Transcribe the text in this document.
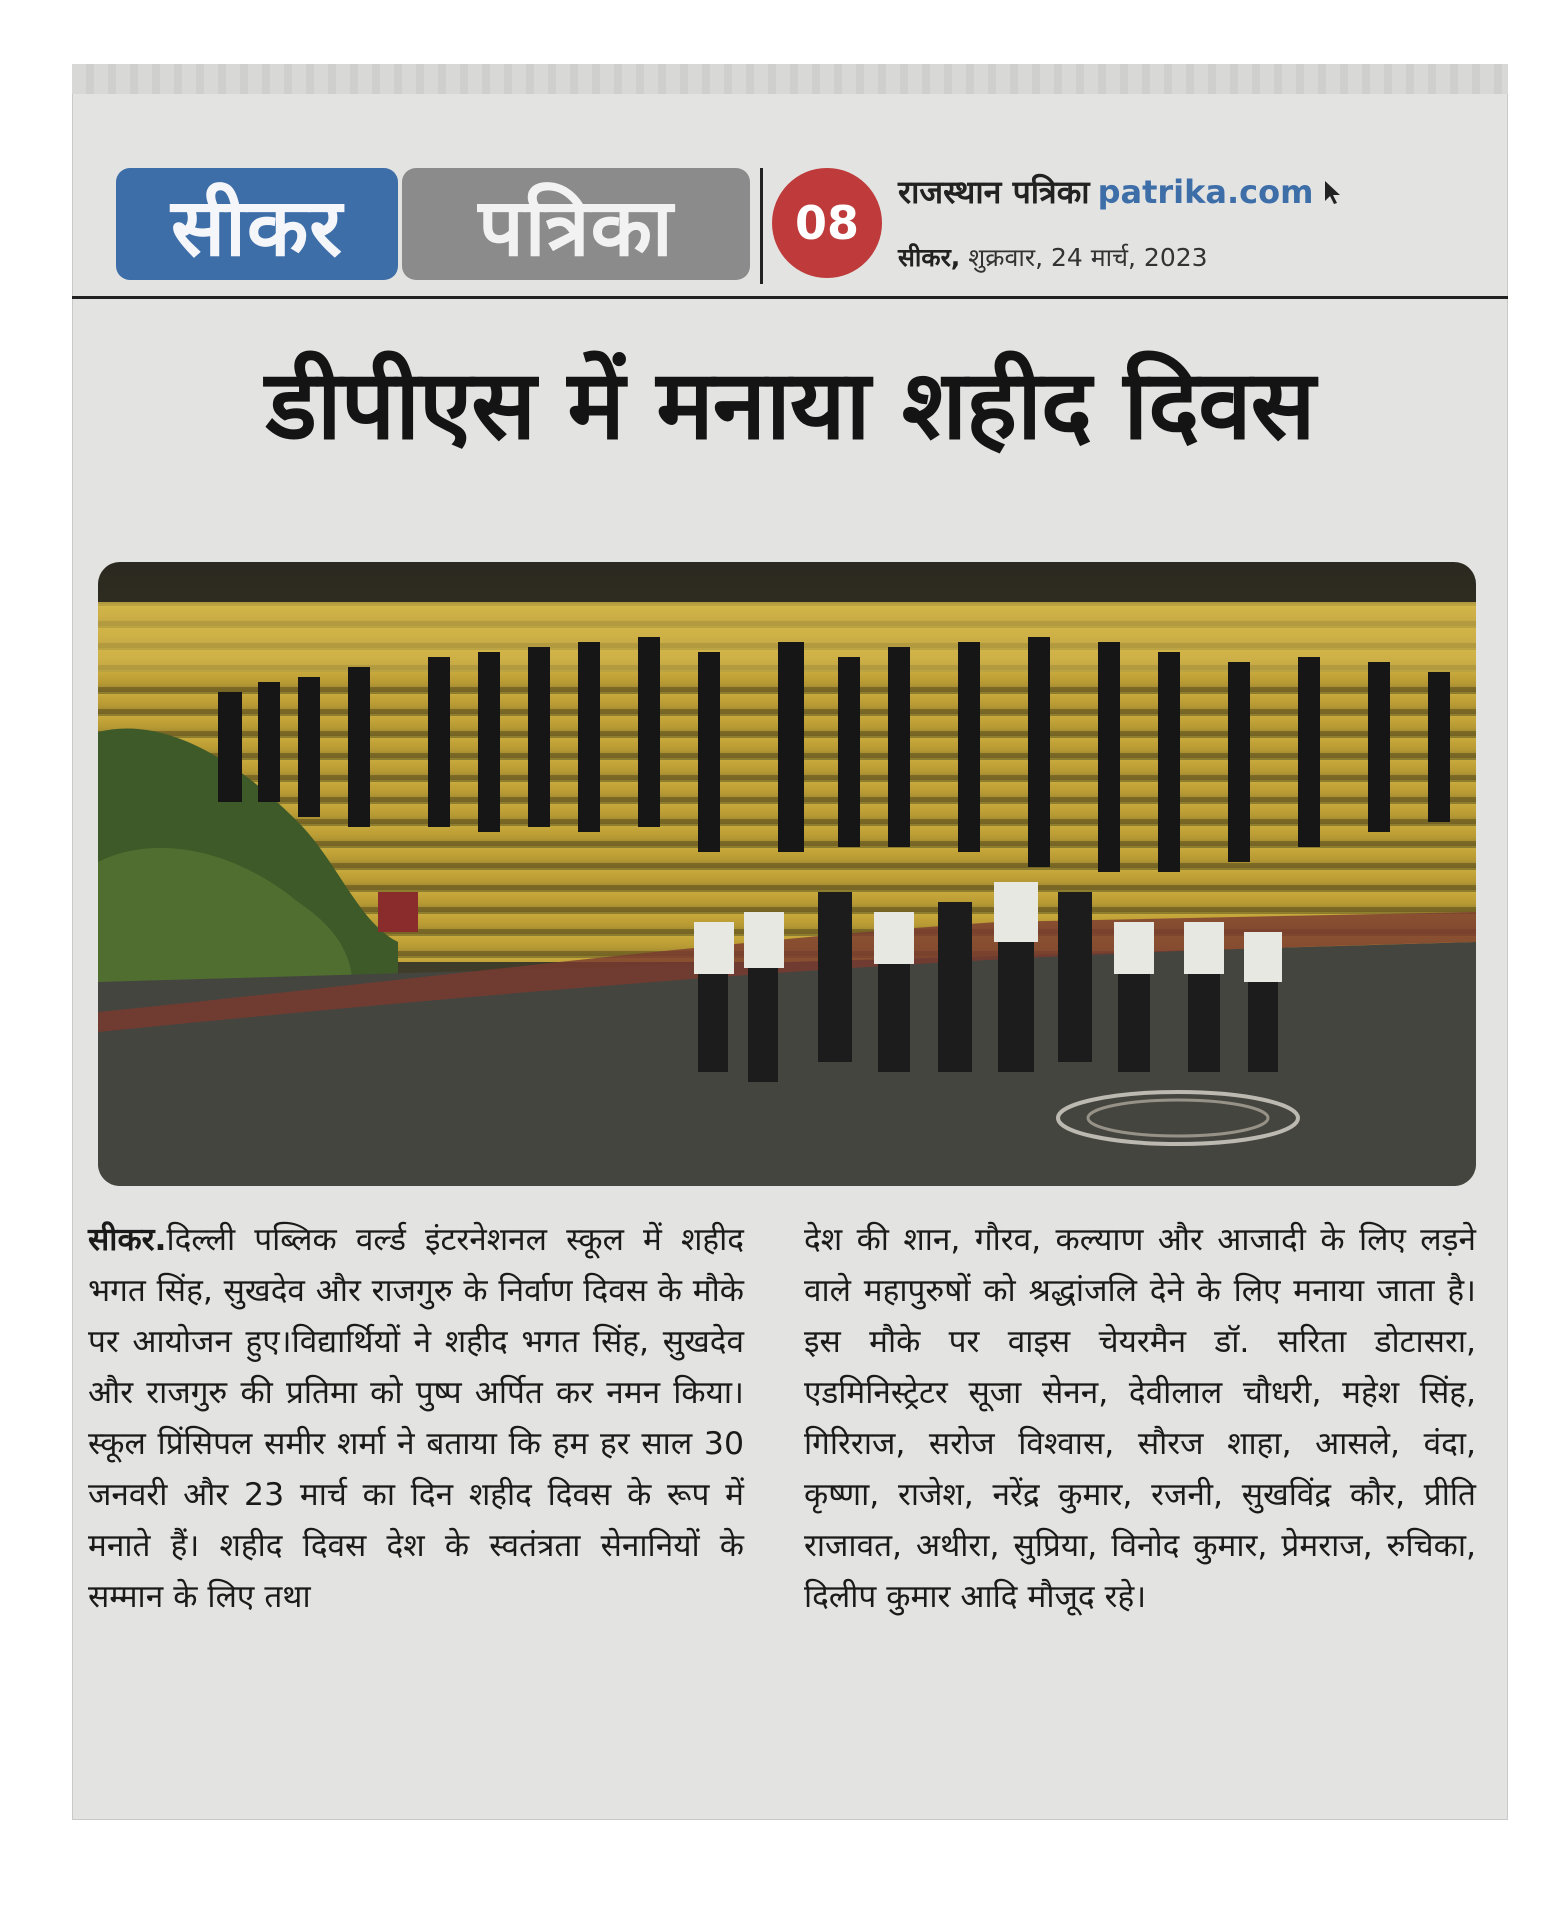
सीकर पत्रिका	08
राजस्थान पत्रिका patrika.com
सीकर, शुक्रवार, 24 मार्च, 2023
डीपीएस में मनाया शहीद दिवस
सीकर.दिल्ली पब्लिक वर्ल्ड इंटरनेशनल स्कूल में शहीद भगत सिंह, सुखदेव और राजगुरु के निर्वाण दिवस के मौके पर आयोजन हुए।विद्यार्थियों ने शहीद भगत सिंह, सुखदेव और राजगुरु की प्रतिमा को पुष्प अर्पित कर नमन किया। स्कूल प्रिंसिपल समीर शर्मा ने बताया कि हम हर साल 30 जनवरी और 23 मार्च का दिन शहीद दिवस के रूप में मनाते हैं। शहीद दिवस देश के स्वतंत्रता सेनानियों के सम्मान के लिए तथा
देश की शान, गौरव, कल्याण और आजादी के लिए लड़ने वाले महापुरुषों को श्रद्धांजलि देने के लिए मनाया जाता है। इस मौके पर वाइस चेयरमैन डॉ. सरिता डोटासरा, एडमिनिस्ट्रेटर सूजा सेनन, देवीलाल चौधरी, महेश सिंह, गिरिराज, सरोज विश्वास, सौरज शाहा, आसले, वंदा, कृष्णा, राजेश, नरेंद्र कुमार, रजनी, सुखविंद्र कौर, प्रीति राजावत, अथीरा, सुप्रिया, विनोद कुमार, प्रेमराज, रुचिका, दिलीप कुमार आदि मौजूद रहे।
